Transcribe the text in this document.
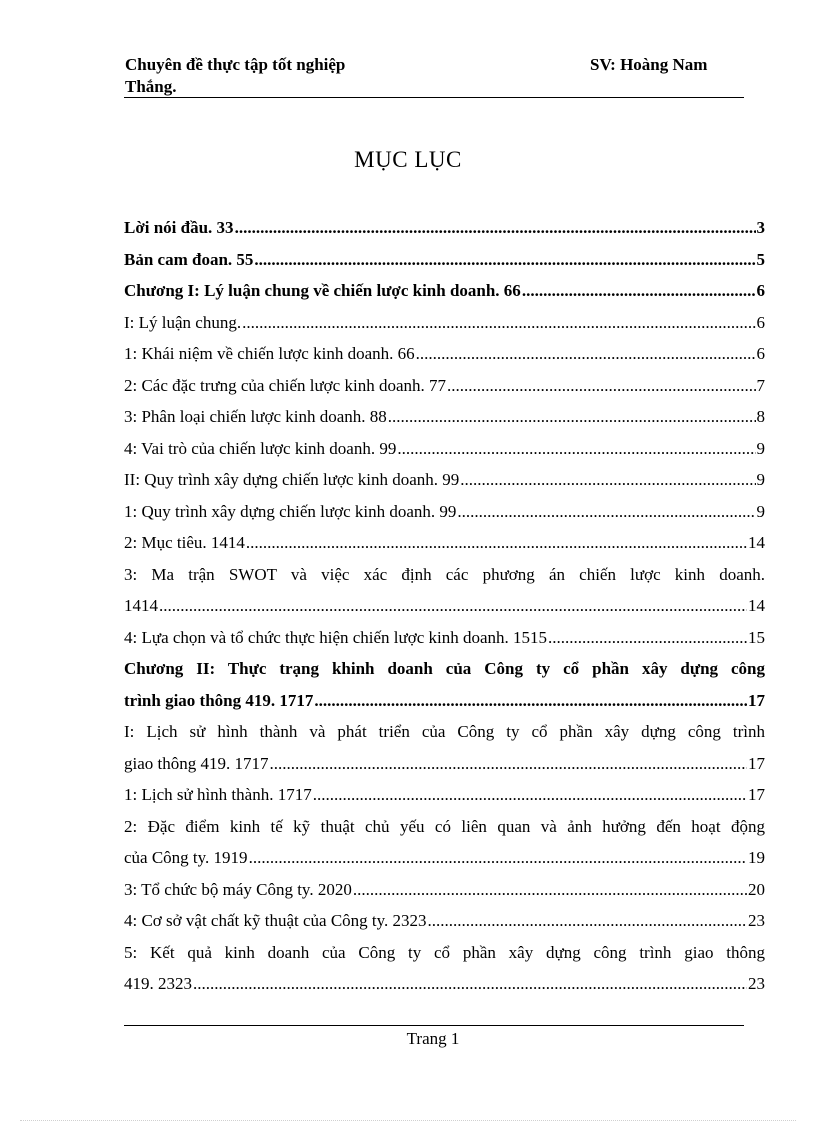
Chuyên đề thực tập tốt nghiệp
Thắng.
SV: Hoàng Nam
MỤC LỤC
Lời nói đầu. 33 .....	3
Bản cam đoan. 55 .....	5
Chương I: Lý luận chung về chiến lược kinh doanh. 66 .....	6
I: Lý luận chung. .....	6
1: Khái niệm về chiến lược kinh doanh. 66 .....	6
2: Các đặc trưng của chiến lược kinh doanh. 77 .....	7
3: Phân loại chiến lược kinh doanh. 88 .....	8
4: Vai trò của chiến lược kinh doanh. 99 .....	9
II: Quy trình xây dựng chiến lược kinh doanh. 99 .....	9
1: Quy trình xây dựng chiến lược kinh doanh. 99 .....	9
2: Mục tiêu. 1414 .....	14
3: Ma trận SWOT và việc xác định các phương án chiến lược kinh doanh.
1414 .....	14
4: Lựa chọn và tổ chức thực hiện chiến lược kinh doanh. 1515 .....	15
Chương II: Thực trạng khinh doanh của Công ty cổ phần xây dựng công
trình giao thông 419. 1717 .....	17
I: Lịch sử hình thành và phát triển của Công ty cổ phần xây dựng công trình
giao thông 419. 1717 .....	17
1: Lịch sử hình thành. 1717 .....	17
2: Đặc điểm kinh tế kỹ thuật chủ yếu có liên quan và ảnh hưởng đến hoạt động
của Công ty. 1919 .....	19
3: Tổ chức bộ máy Công ty. 2020 .....	20
4: Cơ sở vật chất kỹ thuật của Công ty. 2323 .....	23
5: Kết quả kinh doanh của Công ty cổ phần xây dựng công trình giao thông
419. 2323 .....	23
Trang 1
